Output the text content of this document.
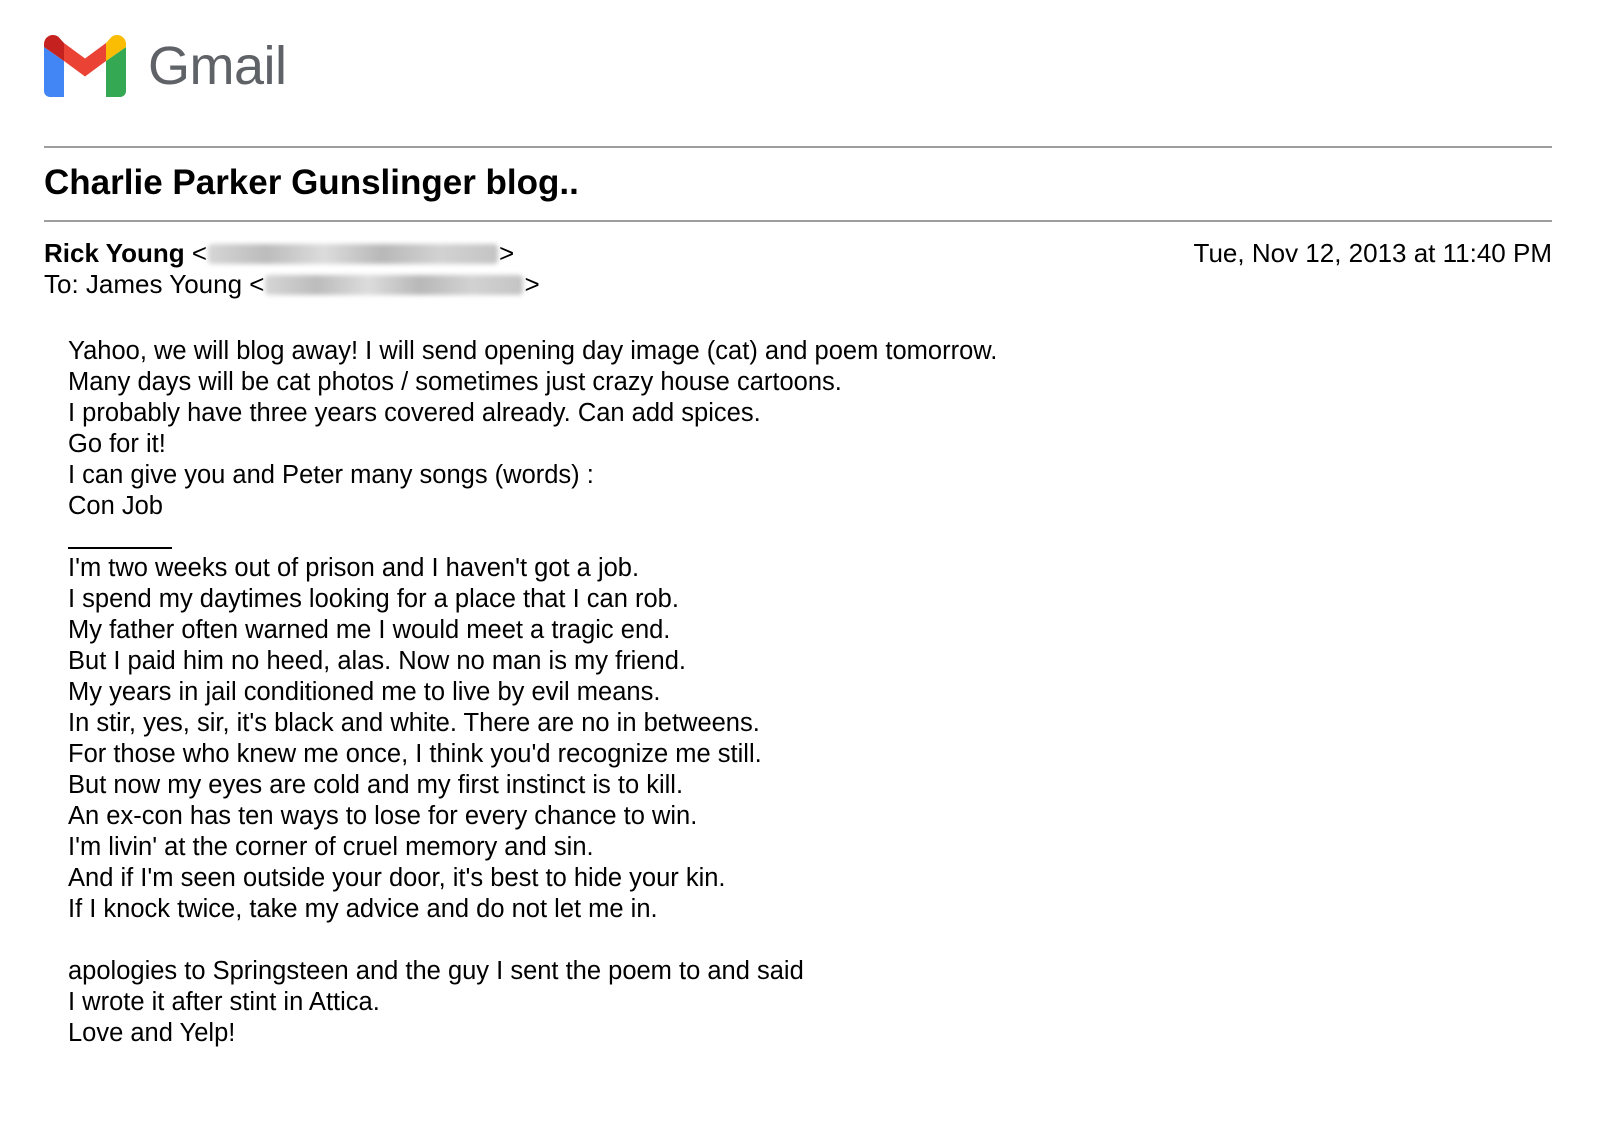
Gmail
Charlie Parker Gunslinger blog..
Rick Young
<	>
To: James Young
<	>
Tue, Nov 12, 2013 at 11:40 PM
Yahoo, we will blog away! I will send opening day image (cat) and poem tomorrow.
Many days will be cat photos / sometimes just crazy house cartoons.
I probably have three years covered already. Can add spices.
Go for it!
I can give you and Peter many songs (words) :
Con Job
I'm two weeks out of prison and I haven't got a job.
I spend my daytimes looking for a place that I can rob.
My father often warned me I would meet a tragic end.
But I paid him no heed, alas. Now no man is my friend.
My years in jail conditioned me to live by evil means.
In stir, yes, sir, it's black and white. There are no in betweens.
For those who knew me once, I think you'd recognize me still.
But now my eyes are cold and my first instinct is to kill.
An ex-con has ten ways to lose for every chance to win.
I'm livin' at the corner of cruel memory and sin.
And if I'm seen outside your door, it's best to hide your kin.
If I knock twice, take my advice and do not let me in.
apologies to Springsteen and the guy I sent the poem to and said
I wrote it after stint in Attica.
Love and Yelp!
